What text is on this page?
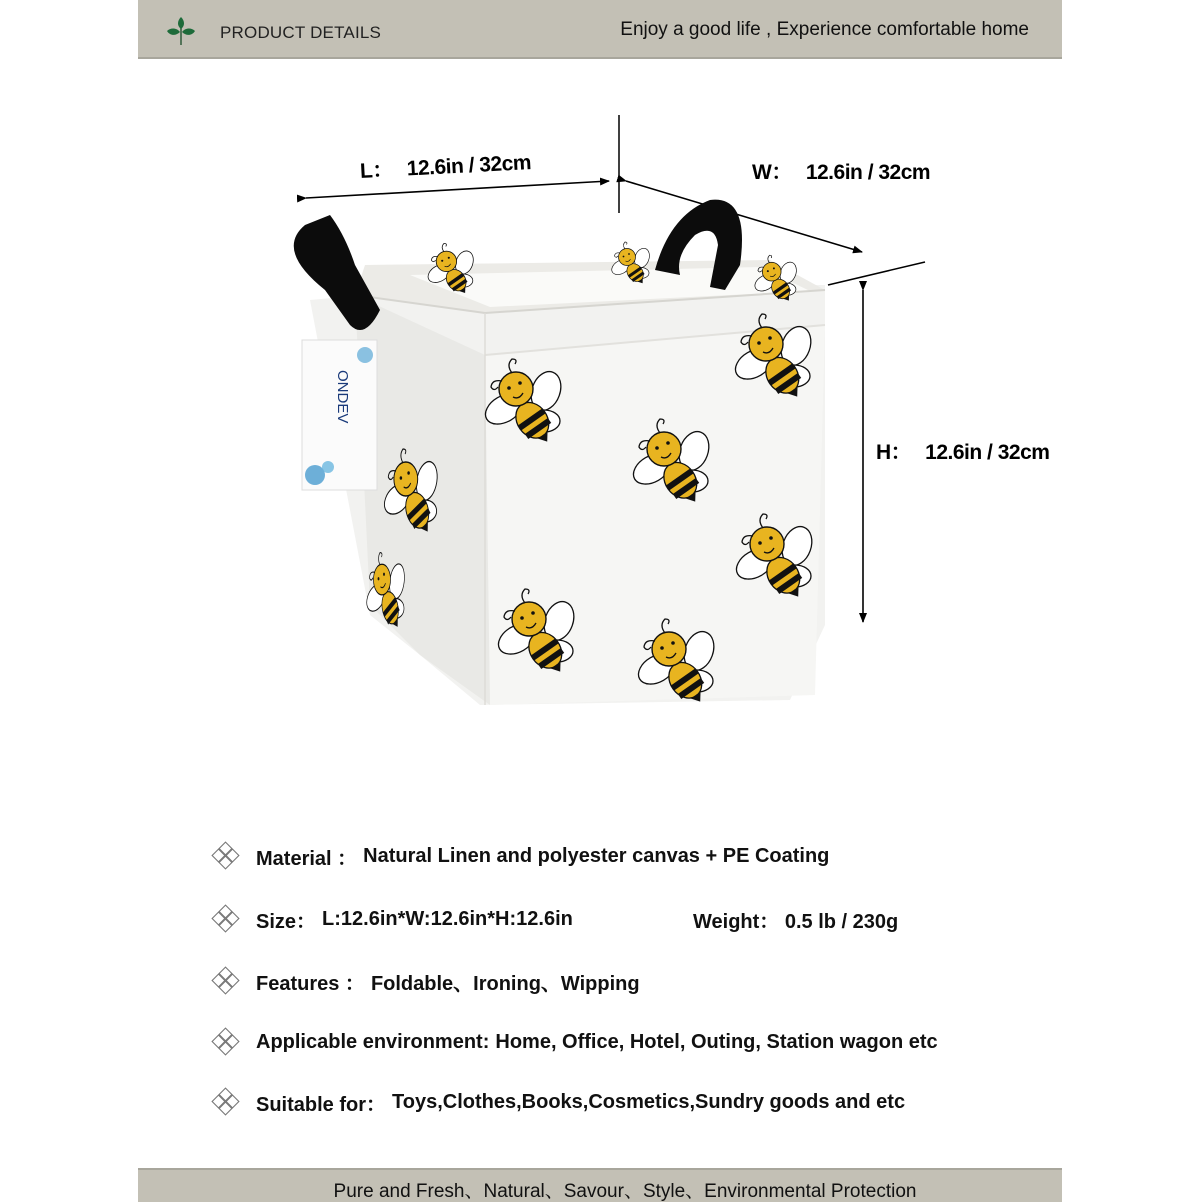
PRODUCT DETAILS	Enjoy a good life , Experience comfortable home
L： 12.6in / 32cm	W： 12.6in / 32cm
H： 12.6in / 32cm
ONDEV
Material ： Natural Linen and polyester canvas + PE Coating
Size： L:12.6in*W:12.6in*H:12.6in	Weight： 0.5 lb / 230g
Features ： Foldable、Ironing、Wipping
Applicable environment: Home, Office, Hotel, Outing, Station wagon etc
Suitable for： Toys,Clothes,Books,Cosmetics,Sundry goods and etc
Pure and Fresh、Natural、Savour、Style、Environmental Protection
